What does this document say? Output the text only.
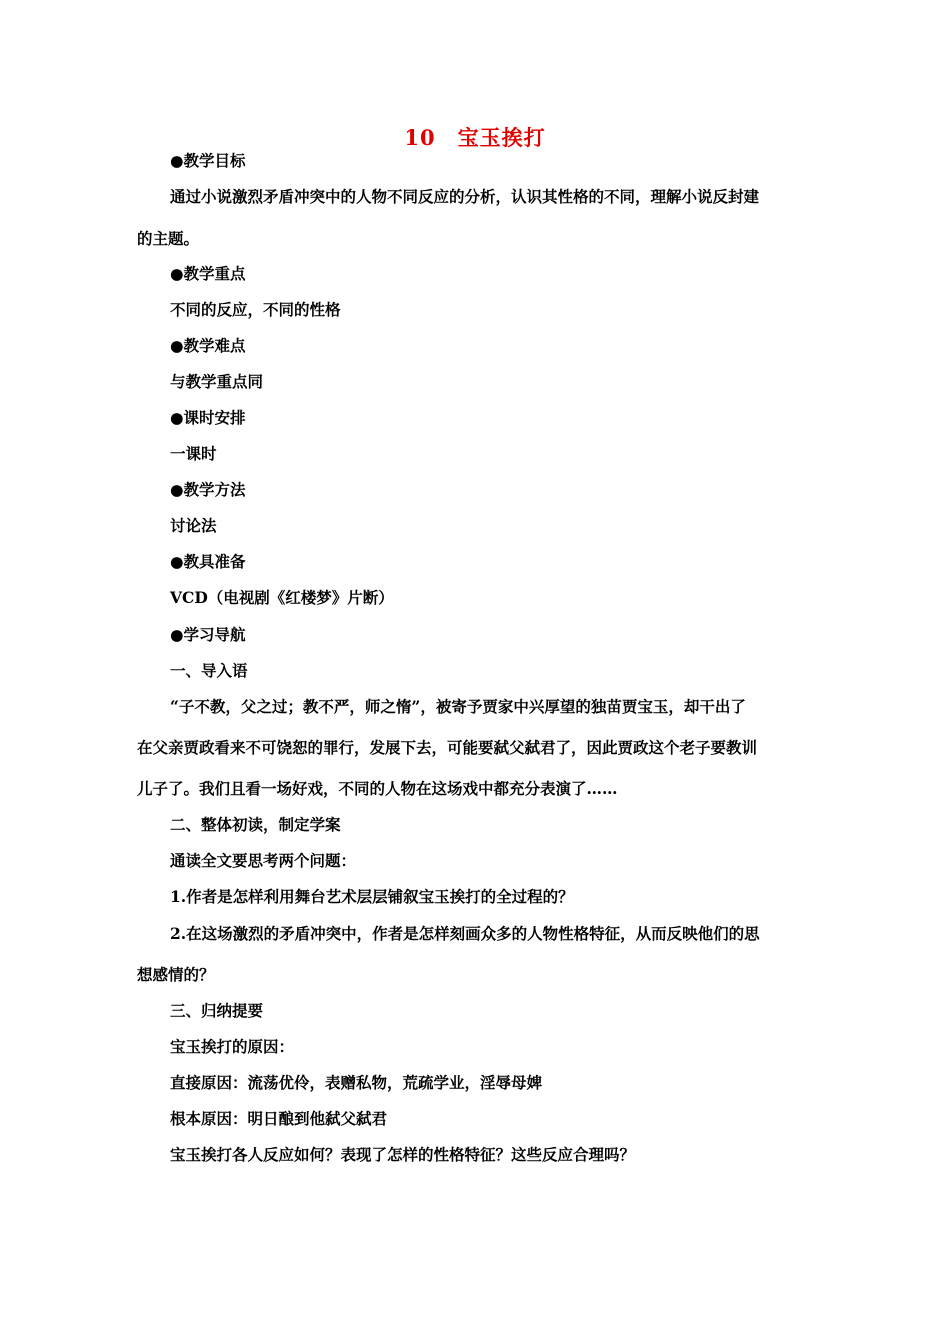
10 宝玉挨打
●教学目标
通过小说激烈矛盾冲突中的人物不同反应的分析，认识其性格的不同，理解小说反封建
的主题。
●教学重点
不同的反应，不同的性格
●教学难点
与教学重点同
●课时安排
一课时
●教学方法
讨论法
●教具准备
VCD（电视剧《红楼梦》片断）
●学习导航
一、导入语
“子不教，父之过；教不严，师之惰”，被寄予贾家中兴厚望的独苗贾宝玉，却干出了
在父亲贾政看来不可饶恕的罪行，发展下去，可能要弑父弑君了，因此贾政这个老子要教训
儿子了。我们且看一场好戏，不同的人物在这场戏中都充分表演了……
二、整体初读，制定学案
通读全文要思考两个问题：
1.作者是怎样利用舞台艺术层层铺叙宝玉挨打的全过程的？
2.在这场激烈的矛盾冲突中，作者是怎样刻画众多的人物性格特征，从而反映他们的思
想感情的？
三、归纳提要
宝玉挨打的原因：
直接原因：流荡优伶，表赠私物，荒疏学业，淫辱母婢
根本原因：明日酿到他弑父弑君
宝玉挨打各人反应如何？表现了怎样的性格特征？这些反应合理吗？
